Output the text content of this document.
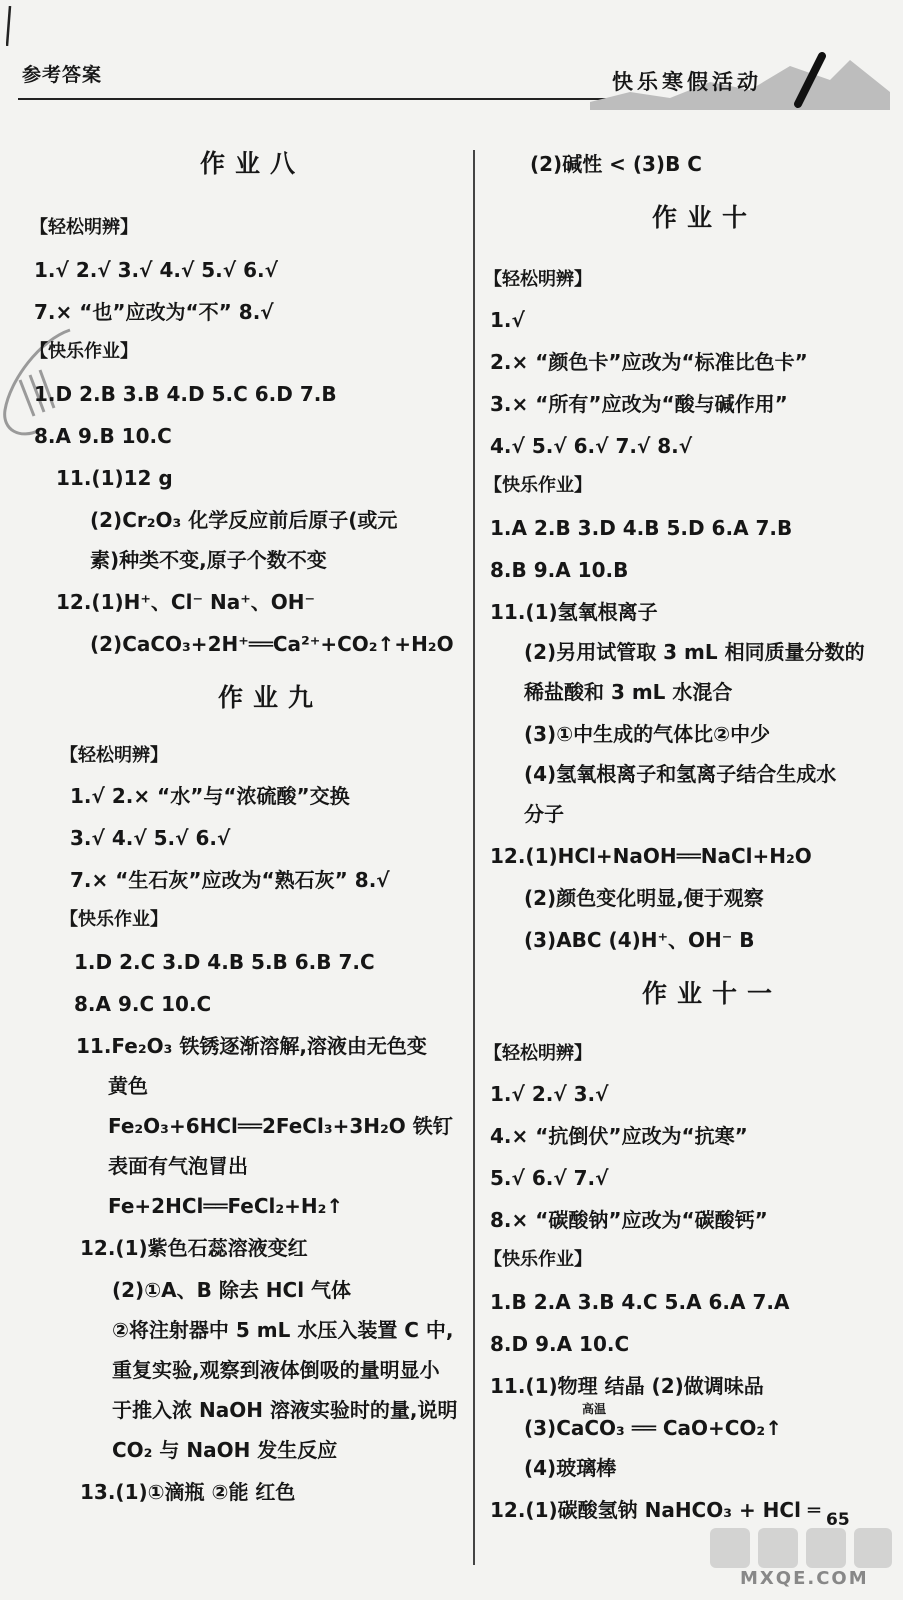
参考答案	快乐寒假活动
作业八
【轻松明辨】
1.√ 2.√ 3.√ 4.√ 5.√ 6.√
7.× “也”应改为“不” 8.√
【快乐作业】
1.D 2.B 3.B 4.D 5.C 6.D 7.B
8.A 9.B 10.C
11.(1)12 g
(2)Cr₂O₃ 化学反应前后原子(或元
素)种类不变,原子个数不变
12.(1)H⁺、Cl⁻ Na⁺、OH⁻
(2)CaCO₃+2H⁺══Ca²⁺+CO₂↑+H₂O
作业九
【轻松明辨】
1.√ 2.× “水”与“浓硫酸”交换
3.√ 4.√ 5.√ 6.√
7.× “生石灰”应改为“熟石灰” 8.√
【快乐作业】
1.D 2.C 3.D 4.B 5.B 6.B 7.C
8.A 9.C 10.C
11.Fe₂O₃ 铁锈逐渐溶解,溶液由无色变
黄色
Fe₂O₃+6HCl══2FeCl₃+3H₂O 铁钉
表面有气泡冒出
Fe+2HCl══FeCl₂+H₂↑
12.(1)紫色石蕊溶液变红
(2)①A、B 除去 HCl 气体
②将注射器中 5 mL 水压入装置 C 中,
重复实验,观察到液体倒吸的量明显小
于推入浓 NaOH 溶液实验时的量,说明
CO₂ 与 NaOH 发生反应
13.(1)①滴瓶 ②能 红色
(2)碱性 < (3)B C
作业十
【轻松明辨】
1.√
2.× “颜色卡”应改为“标准比色卡”
3.× “所有”应改为“酸与碱作用”
4.√ 5.√ 6.√ 7.√ 8.√
【快乐作业】
1.A 2.B 3.D 4.B 5.D 6.A 7.B
8.B 9.A 10.B
11.(1)氢氧根离子
(2)另用试管取 3 mL 相同质量分数的
稀盐酸和 3 mL 水混合
(3)①中生成的气体比②中少
(4)氢氧根离子和氢离子结合生成水
分子
12.(1)HCl+NaOH══NaCl+H₂O
(2)颜色变化明显,便于观察
(3)ABC (4)H⁺、OH⁻ B
作业十一
【轻松明辨】
1.√ 2.√ 3.√
4.× “抗倒伏”应改为“抗寒”
5.√ 6.√ 7.√
8.× “碳酸钠”应改为“碳酸钙”
【快乐作业】
1.B 2.A 3.B 4.C 5.A 6.A 7.A
8.D 9.A 10.C
11.(1)物理 结晶 (2)做调味品
(3)CaCO₃ ══ CaO+CO₂↑
高温
(4)玻璃棒
12.(1)碳酸氢钠 NaHCO₃ + HCl ═
MXQE.COM
65
